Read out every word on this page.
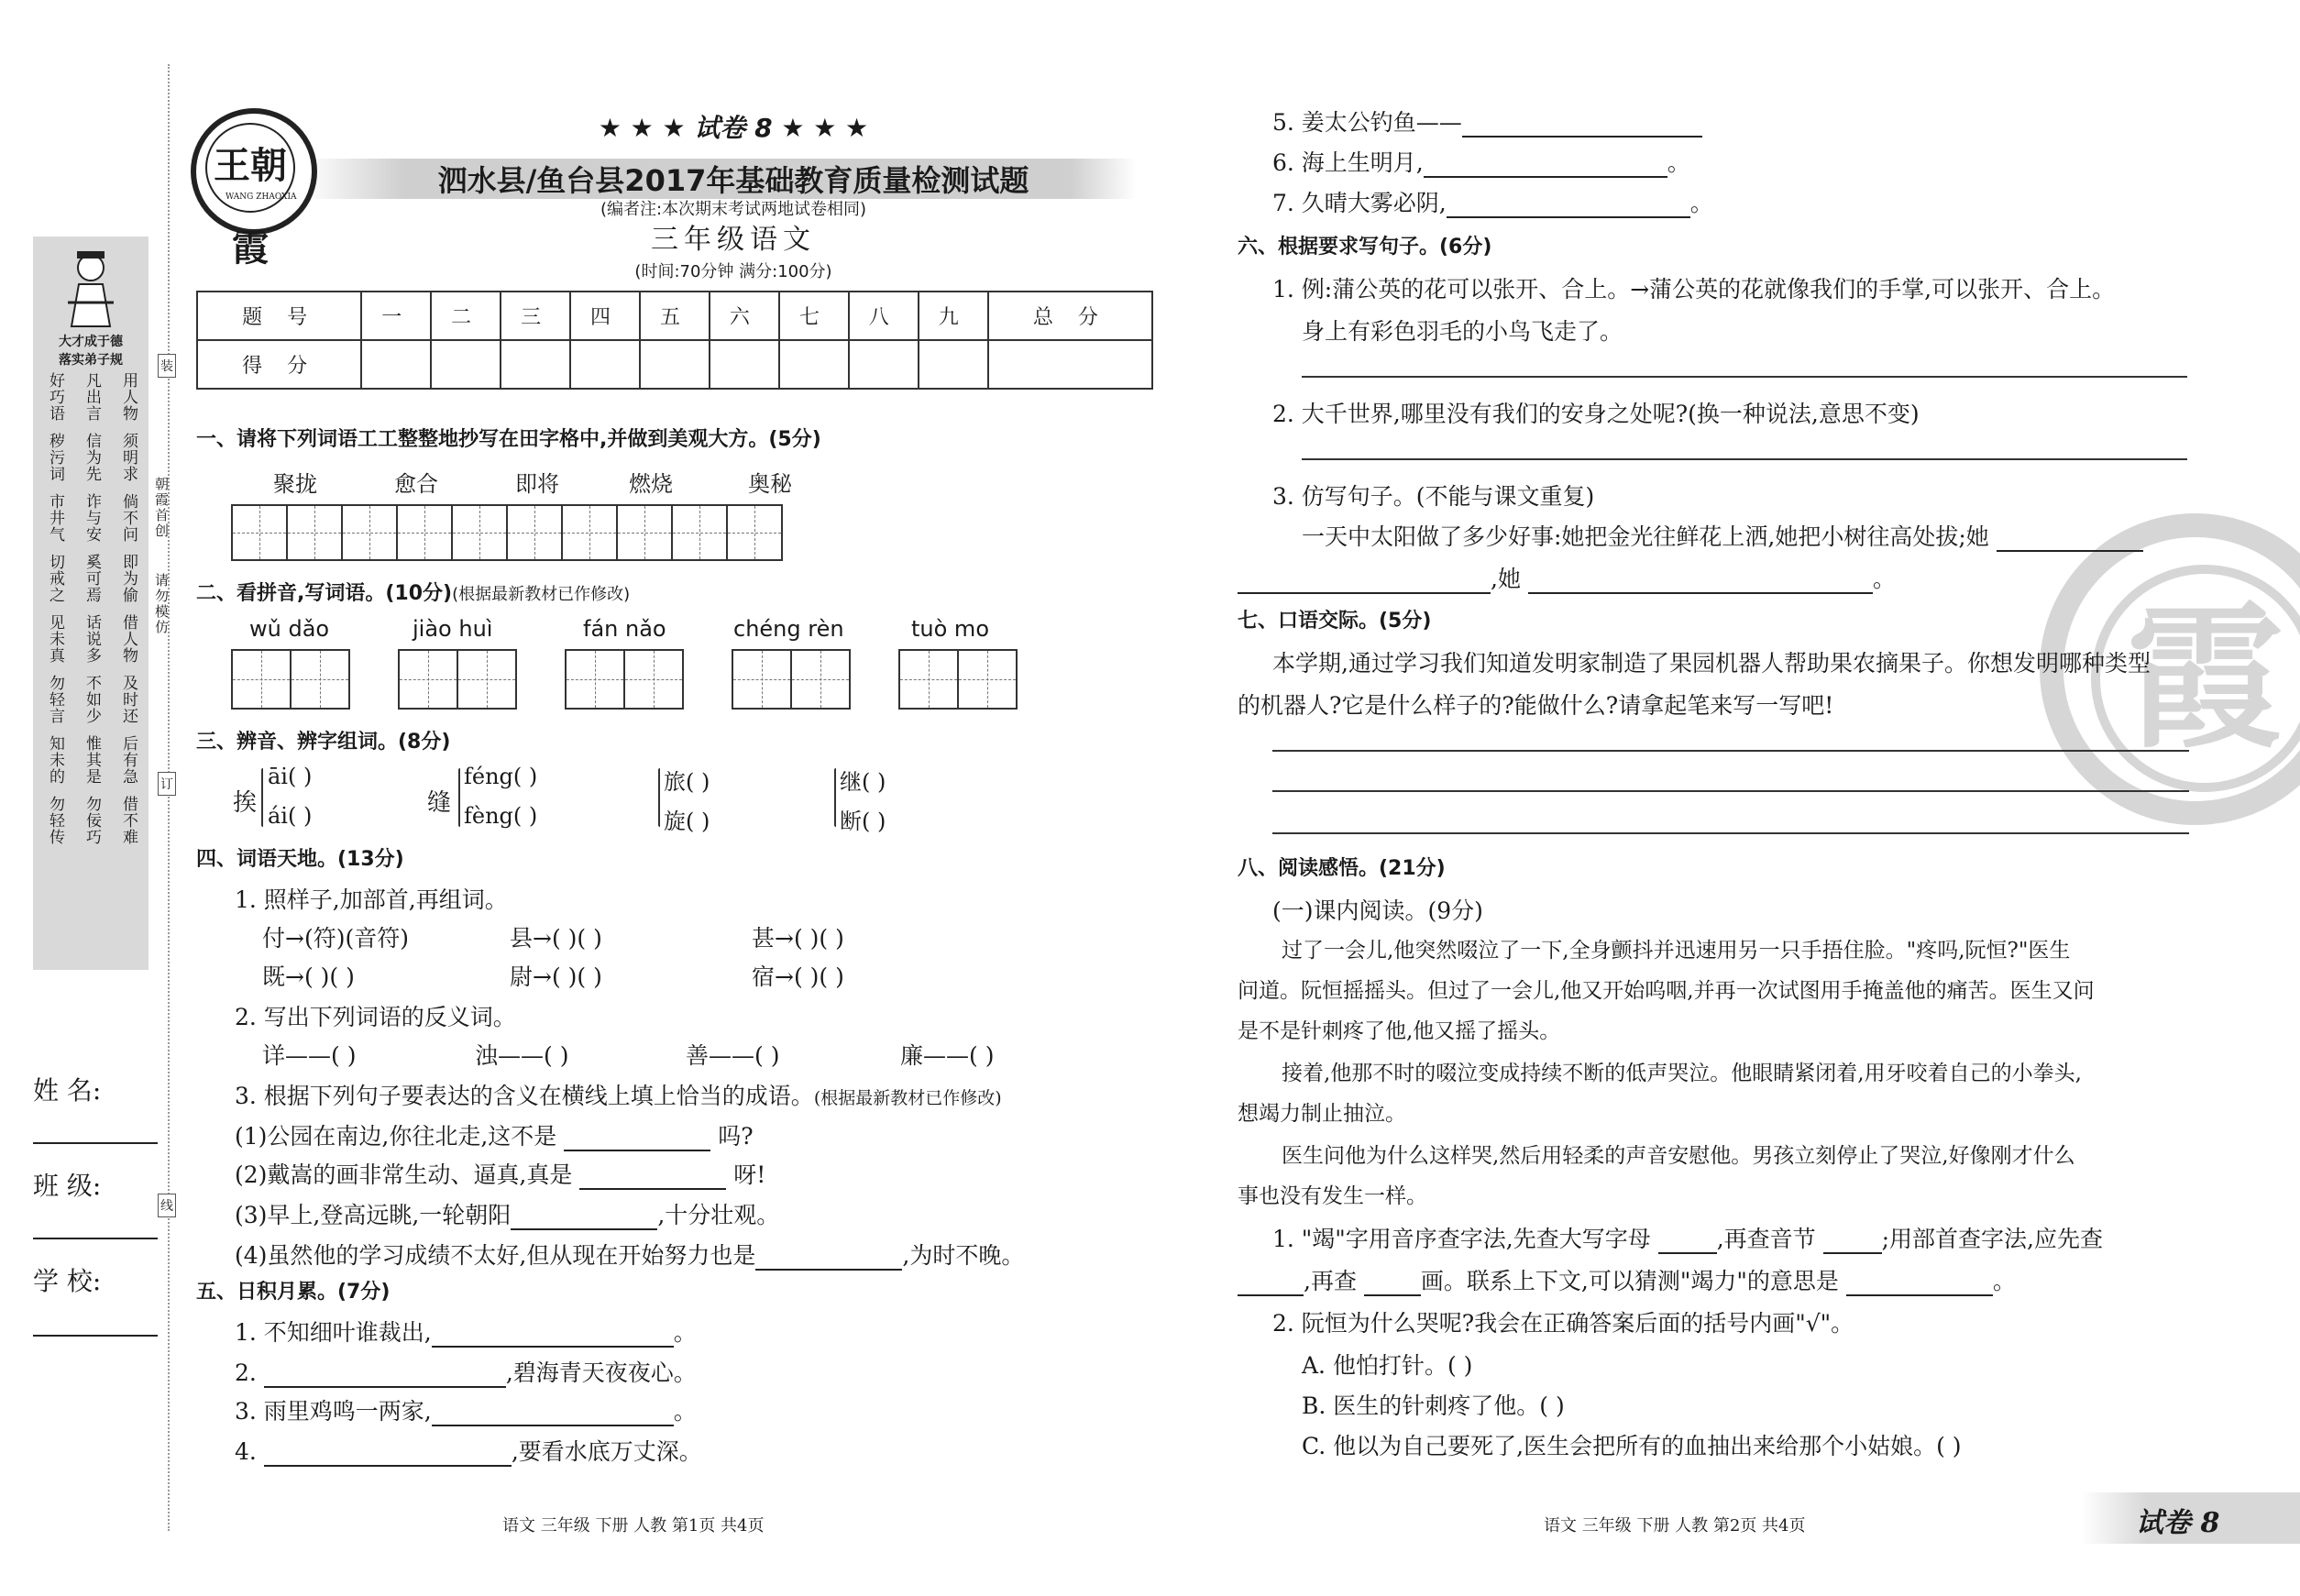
装
订
线
朝霞首创
请勿模仿
大才成于德
落实弟子规
好巧语 凡出言 用人物
秽污词 信为先 须明求
市井气 诈与安 倘不问
切戒之 奚可焉 即为偷
见未真 话说多 借人物
勿轻言 不如少 及时还
知未的 惟其是 后有急
勿轻传 勿佞巧 借不难
姓 名:
班 级:
学 校:
王朝霞
WANG ZHAOXIA
★ ★ ★ 试卷 8 ★ ★ ★
泗水县/鱼台县2017年基础教育质量检测试题
(编者注:本次期末考试两地试卷相同)
三年级语文
(时间:70分钟 满分:100分)
题 号	一	二	三	四	五	六	七	八	九	总 分
得 分										
一、请将下列词语工工整整地抄写在田字格中,并做到美观大方。(5分)
聚拢	愈合	即将	燃烧	奥秘
二、看拼音,写词语。(10分)(根据最新教材已作修改)
wǔ dǎo	jiào huì	fán nǎo	chéng rèn	tuò mo
三、辨音、辨字组词。(8分)
挨
āi( )
ái( )	缝
féng( )
fèng( )
旅( )
旋( )
继( )
断( )
四、词语天地。(13分)
1. 照样子,加部首,再组词。
付→(符)(音符)	县→( )( )	甚→( )( )
既→( )( )	尉→( )( )	宿→( )( )
2. 写出下列词语的反义词。
详——( )	浊——( )	善——( )	廉——( )
3. 根据下列句子要表达的含义在横线上填上恰当的成语。(根据最新教材已作修改)
(1)公园在南边,你往北走,这不是	吗?
(2)戴嵩的画非常生动、逼真,真是	呀!
(3)早上,登高远眺,一轮朝阳	,十分壮观。
(4)虽然他的学习成绩不太好,但从现在开始努力也是	,为时不晚。
五、日积月累。(7分)
1. 不知细叶谁裁出,	。
2.	,碧海青天夜夜心。
3. 雨里鸡鸣一两家,	。
4.	,要看水底万丈深。
语文 三年级 下册 人教 第1页 共4页
霞
5. 姜太公钓鱼——
6. 海上生明月,	。
7. 久晴大雾必阴,	。
六、根据要求写句子。(6分)
1. 例:蒲公英的花可以张开、合上。→蒲公英的花就像我们的手掌,可以张开、合上。
身上有彩色羽毛的小鸟飞走了。
2. 大千世界,哪里没有我们的安身之处呢?(换一种说法,意思不变)
3. 仿写句子。(不能与课文重复)
一天中太阳做了多少好事:她把金光往鲜花上洒,她把小树往高处拔;她
,她	。
七、口语交际。(5分)
本学期,通过学习我们知道发明家制造了果园机器人帮助果农摘果子。你想发明哪种类型
的机器人?它是什么样子的?能做什么?请拿起笔来写一写吧!
八、阅读感悟。(21分)
(一)课内阅读。(9分)
过了一会儿,他突然啜泣了一下,全身颤抖并迅速用另一只手捂住脸。"疼吗,阮恒?"医生
问道。阮恒摇摇头。但过了一会儿,他又开始呜咽,并再一次试图用手掩盖他的痛苦。医生又问
是不是针刺疼了他,他又摇了摇头。
接着,他那不时的啜泣变成持续不断的低声哭泣。他眼睛紧闭着,用牙咬着自己的小拳头,
想竭力制止抽泣。
医生问他为什么这样哭,然后用轻柔的声音安慰他。男孩立刻停止了哭泣,好像刚才什么
事也没有发生一样。
1. "竭"字用音序查字法,先查大写字母	,再查音节	;用部首查字法,应先查
,再查	画。联系上下文,可以猜测"竭力"的意思是	。
2. 阮恒为什么哭呢?我会在正确答案后面的括号内画"√"。
A. 他怕打针。( )
B. 医生的针刺疼了他。( )
C. 他以为自己要死了,医生会把所有的血抽出来给那个小姑娘。( )
语文 三年级 下册 人教 第2页 共4页	试卷 8
